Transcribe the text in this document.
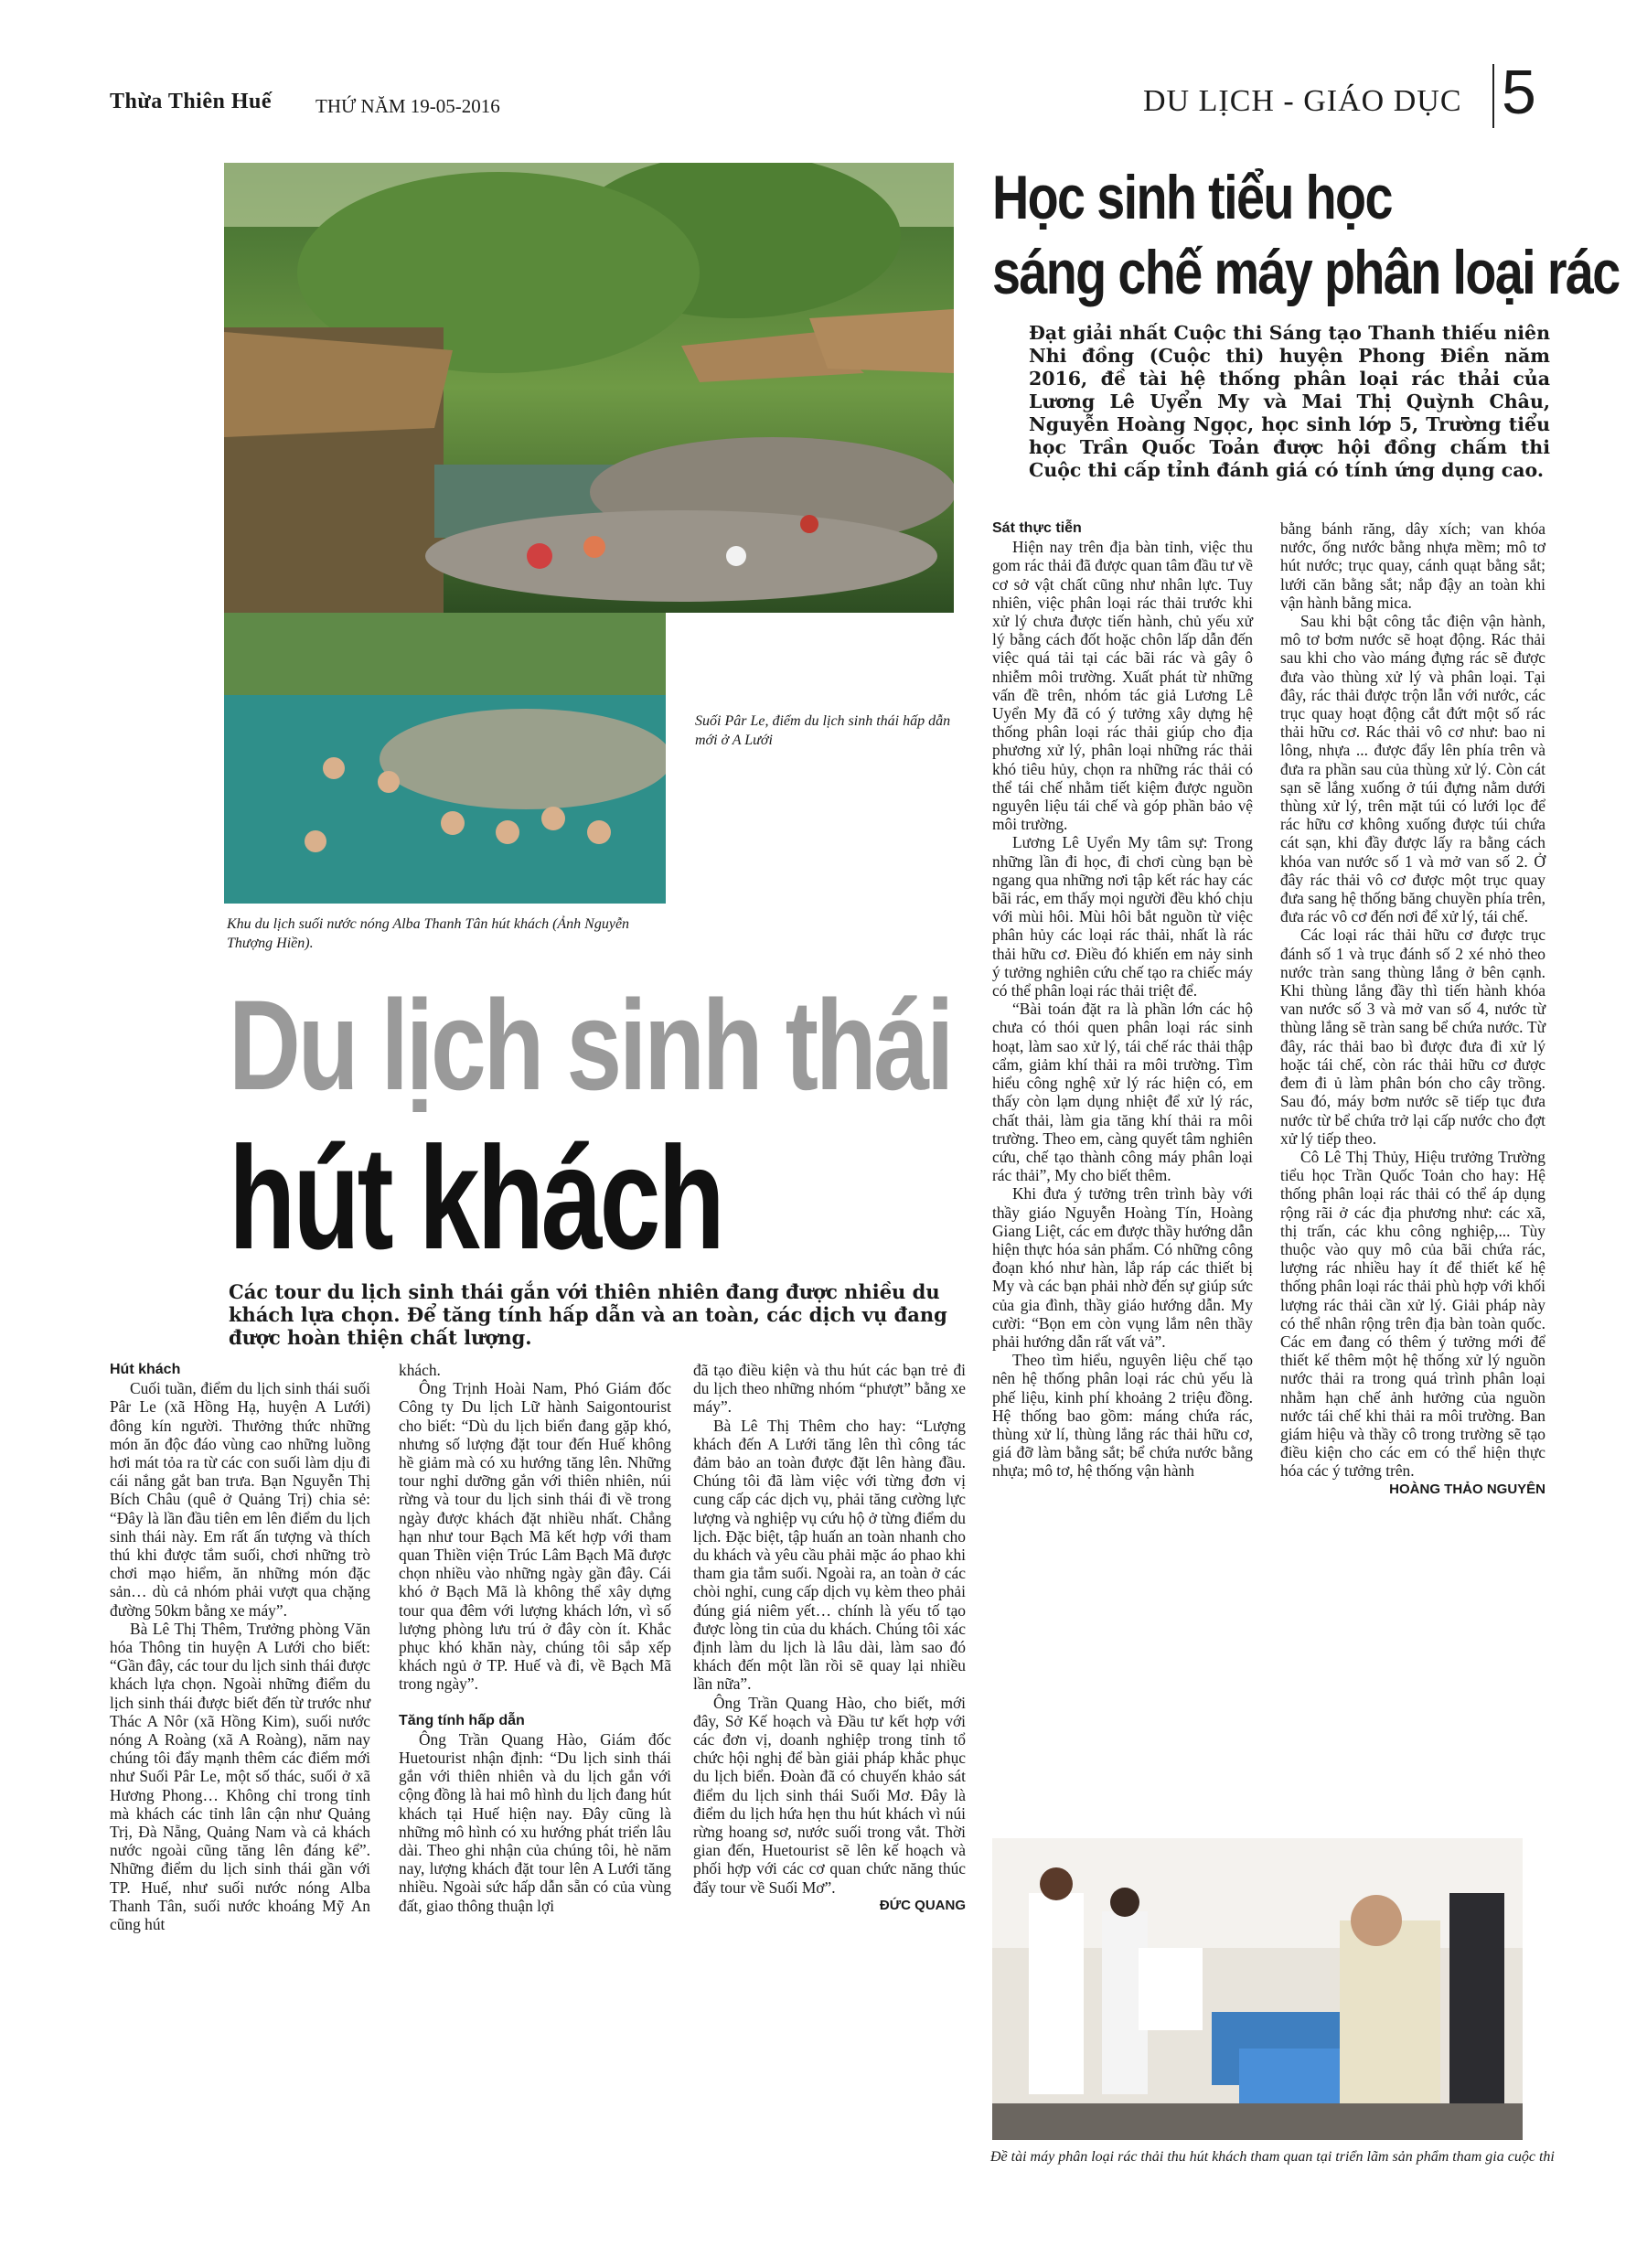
Thừa Thiên Huế THỨ NĂM 19-05-2016	DU LỊCH - GIÁO DỤC 5
Suối Pâr Le, điểm du lịch sinh thái hấp dẫn mới ở A Lưới
Khu du lịch suối nước nóng Alba Thanh Tân hút khách (Ảnh Nguyễn Thượng Hiền).
Du lịch sinh thái
hút khách
Các tour du lịch sinh thái gắn với thiên nhiên đang được nhiều du khách lựa chọn. Để tăng tính hấp dẫn và an toàn, các dịch vụ đang được hoàn thiện chất lượng.

Hút khách

Cuối tuần, điểm du lịch sinh thái suối Pâr Le (xã Hồng Hạ, huyện A Lưới) đông kín người. Thưởng thức những món ăn độc đáo vùng cao những luồng hơi mát tỏa ra từ các con suối làm dịu đi cái nắng gắt ban trưa. Bạn Nguyễn Thị Bích Châu (quê ở Quảng Trị) chia sẻ: “Đây là lần đầu tiên em lên điểm du lịch sinh thái này. Em rất ấn tượng và thích thú khi được tắm suối, chơi những trò chơi mạo hiểm, ăn những món đặc sản… dù cả nhóm phải vượt qua chặng đường 50km bằng xe máy”.

Bà Lê Thị Thêm, Trưởng phòng Văn hóa Thông tin huyện A Lưới cho biết: “Gần đây, các tour du lịch sinh thái được khách lựa chọn. Ngoài những điểm du lịch sinh thái được biết đến từ trước như Thác A Nôr (xã Hồng Kim), suối nước nóng A Roàng (xã A Roàng), năm nay chúng tôi đẩy mạnh thêm các điểm mới như Suối Pâr Le, một số thác, suối ở xã Hương Phong… Không chỉ trong tỉnh mà khách các tỉnh lân cận như Quảng Trị, Đà Nẵng, Quảng Nam và cả khách nước ngoài cũng tăng lên đáng kể”. Những điểm du lịch sinh thái gần với TP. Huế, như suối nước nóng Alba Thanh Tân, suối nước khoáng Mỹ An cũng hút

khách.

Ông Trịnh Hoài Nam, Phó Giám đốc Công ty Du lịch Lữ hành Saigontourist cho biết: “Dù du lịch biển đang gặp khó, nhưng số lượng đặt tour đến Huế không hề giảm mà có xu hướng tăng lên. Những tour nghỉ dưỡng gắn với thiên nhiên, núi rừng và tour du lịch sinh thái đi về trong ngày được khách đặt nhiều nhất. Chẳng hạn như tour Bạch Mã kết hợp với tham quan Thiền viện Trúc Lâm Bạch Mã được chọn nhiều vào những ngày gần đây. Cái khó ở Bạch Mã là không thể xây dựng tour qua đêm với lượng khách lớn, vì số lượng phòng lưu trú ở đây còn ít. Khắc phục khó khăn này, chúng tôi sắp xếp khách ngủ ở TP. Huế và đi, về Bạch Mã trong ngày”.

Tăng tính hấp dẫn

Ông Trần Quang Hào, Giám đốc Huetourist nhận định: “Du lịch sinh thái gắn với thiên nhiên và du lịch gắn với cộng đồng là hai mô hình du lịch đang hút khách tại Huế hiện nay. Đây cũng là những mô hình có xu hướng phát triển lâu dài. Theo ghi nhận của chúng tôi, hè năm nay, lượng khách đặt tour lên A Lưới tăng nhiều. Ngoài sức hấp dẫn sẵn có của vùng đất, giao thông thuận lợi

đã tạo điều kiện và thu hút các bạn trẻ đi du lịch theo những nhóm “phượt” bằng xe máy”.

Bà Lê Thị Thêm cho hay: “Lượng khách đến A Lưới tăng lên thì công tác đảm bảo an toàn được đặt lên hàng đầu. Chúng tôi đã làm việc với từng đơn vị cung cấp các dịch vụ, phải tăng cường lực lượng và nghiệp vụ cứu hộ ở từng điểm du lịch. Đặc biệt, tập huấn an toàn nhanh cho du khách và yêu cầu phải mặc áo phao khi tham gia tắm suối. Ngoài ra, an toàn ở các chòi nghỉ, cung cấp dịch vụ kèm theo phải đúng giá niêm yết… chính là yếu tố tạo được lòng tin của du khách. Chúng tôi xác định làm du lịch là lâu dài, làm sao đó khách đến một lần rồi sẽ quay lại nhiều lần nữa”.

Ông Trần Quang Hào, cho biết, mới đây, Sở Kế hoạch và Đầu tư kết hợp với các đơn vị, doanh nghiệp trong tỉnh tổ chức hội nghị để bàn giải pháp khắc phục du lịch biển. Đoàn đã có chuyến khảo sát điểm du lịch sinh thái Suối Mơ. Đây là điểm du lịch hứa hẹn thu hút khách vì núi rừng hoang sơ, nước suối trong vắt. Thời gian đến, Huetourist sẽ lên kế hoạch và phối hợp với các cơ quan chức năng thúc đẩy tour về Suối Mơ”.

ĐỨC QUANG

Học sinh tiểu học
sáng chế máy phân loại rác
Đạt giải nhất Cuộc thi Sáng tạo Thanh thiếu niên Nhi đồng (Cuộc thi) huyện Phong Điền năm 2016, đề tài hệ thống phân loại rác thải của Lương Lê Uyển My và Mai Thị Quỳnh Châu, Nguyễn Hoàng Ngọc, học sinh lớp 5, Trường tiểu học Trần Quốc Toản được hội đồng chấm thi Cuộc thi cấp tỉnh đánh giá có tính ứng dụng cao.

Sát thực tiễn

Hiện nay trên địa bàn tỉnh, việc thu gom rác thải đã được quan tâm đầu tư về cơ sở vật chất cũng như nhân lực. Tuy nhiên, việc phân loại rác thải trước khi xử lý chưa được tiến hành, chủ yếu xử lý bằng cách đốt hoặc chôn lấp dẫn đến việc quá tải tại các bãi rác và gây ô nhiễm môi trường. Xuất phát từ những vấn đề trên, nhóm tác giả Lương Lê Uyển My đã có ý tưởng xây dựng hệ thống phân loại rác thải giúp cho địa phương xử lý, phân loại những rác thải khó tiêu hủy, chọn ra những rác thải có thể tái chế nhằm tiết kiệm được nguồn nguyên liệu tái chế và góp phần bảo vệ môi trường.

Lương Lê Uyển My tâm sự: Trong những lần đi học, đi chơi cùng bạn bè ngang qua những nơi tập kết rác hay các bãi rác, em thấy mọi người đều khó chịu với mùi hôi. Mùi hôi bắt nguồn từ việc phân hủy các loại rác thải, nhất là rác thải hữu cơ. Điều đó khiến em nảy sinh ý tưởng nghiên cứu chế tạo ra chiếc máy có thể phân loại rác thải triệt để.

“Bài toán đặt ra là phần lớn các hộ chưa có thói quen phân loại rác sinh hoạt, làm sao xử lý, tái chế rác thải thập cẩm, giảm khí thải ra môi trường. Tìm hiểu công nghệ xử lý rác hiện có, em thấy còn lạm dụng nhiệt để xử lý rác, chất thải, làm gia tăng khí thải ra môi trường. Theo em, càng quyết tâm nghiên cứu, chế tạo thành công máy phân loại rác thải”, My cho biết thêm.

Khi đưa ý tưởng trên trình bày với thầy giáo Nguyễn Hoàng Tín, Hoàng Giang Liệt, các em được thầy hướng dẫn hiện thực hóa sản phẩm. Có những công đoạn khó như hàn, lắp ráp các thiết bị My và các bạn phải nhờ đến sự giúp sức của gia đình, thầy giáo hướng dẫn. My cười: “Bọn em còn vụng lắm nên thầy phải hướng dẫn rất vất vả”.

Theo tìm hiểu, nguyên liệu chế tạo nên hệ thống phân loại rác chủ yếu là phế liệu, kinh phí khoảng 2 triệu đồng. Hệ thống bao gồm: máng chứa rác, thùng xử lí, thùng lắng rác thải hữu cơ, giá đỡ làm bằng sắt; bể chứa nước bằng nhựa; mô tơ, hệ thống vận hành

bằng bánh răng, dây xích; van khóa nước, ống nước bằng nhựa mềm; mô tơ hút nước; trục quay, cánh quạt bằng sắt; lưới căn bằng sắt; nắp đậy an toàn khi vận hành bằng mica.

Sau khi bật công tắc điện vận hành, mô tơ bơm nước sẽ hoạt động. Rác thải sau khi cho vào máng đựng rác sẽ được đưa vào thùng xử lý và phân loại. Tại đây, rác thải được trộn lẫn với nước, các trục quay hoạt động cắt đứt một số rác thải hữu cơ. Rác thải vô cơ như: bao ni lông, nhựa ... được đẩy lên phía trên và đưa ra phần sau của thùng xử lý. Còn cát sạn sẽ lắng xuống ở túi đựng nằm dưới thùng xử lý, trên mặt túi có lưới lọc để rác hữu cơ không xuống được túi chứa cát sạn, khi đầy được lấy ra bằng cách khóa van nước số 1 và mở van số 2. Ở đây rác thải vô cơ được một trục quay đưa sang hệ thống băng chuyền phía trên, đưa rác vô cơ đến nơi để xử lý, tái chế.

Các loại rác thải hữu cơ được trục đánh số 1 và trục đánh số 2 xé nhỏ theo nước tràn sang thùng lắng ở bên cạnh. Khi thùng lắng đầy thì tiến hành khóa van nước số 3 và mở van số 4, nước từ thùng lắng sẽ tràn sang bể chứa nước. Từ đây, rác thải bao bì được đưa đi xử lý hoặc tái chế, còn rác thải hữu cơ được đem đi ủ làm phân bón cho cây trồng. Sau đó, máy bơm nước sẽ tiếp tục đưa nước từ bể chứa trở lại cấp nước cho đợt xử lý tiếp theo.

Cô Lê Thị Thủy, Hiệu trưởng Trường tiểu học Trần Quốc Toản cho hay: Hệ thống phân loại rác thải có thể áp dụng rộng rãi ở các địa phương như: các xã, thị trấn, các khu công nghiệp,... Tùy thuộc vào quy mô của bãi chứa rác, lượng rác nhiều hay ít để thiết kế hệ thống phân loại rác thải phù hợp với khối lượng rác thải cần xử lý. Giải pháp này có thể nhân rộng trên địa bàn toàn quốc. Các em đang có thêm ý tưởng mới để thiết kế thêm một hệ thống xử lý nguồn nước thải ra trong quá trình phân loại nhằm hạn chế ảnh hưởng của nguồn nước tái chế khi thải ra môi trường. Ban giám hiệu và thầy cô trong trường sẽ tạo điều kiện cho các em có thể hiện thực hóa các ý tưởng trên.

HOÀNG THẢO NGUYÊN

Đề tài máy phân loại rác thải thu hút khách tham quan tại triển lãm sản phẩm tham gia cuộc thi
